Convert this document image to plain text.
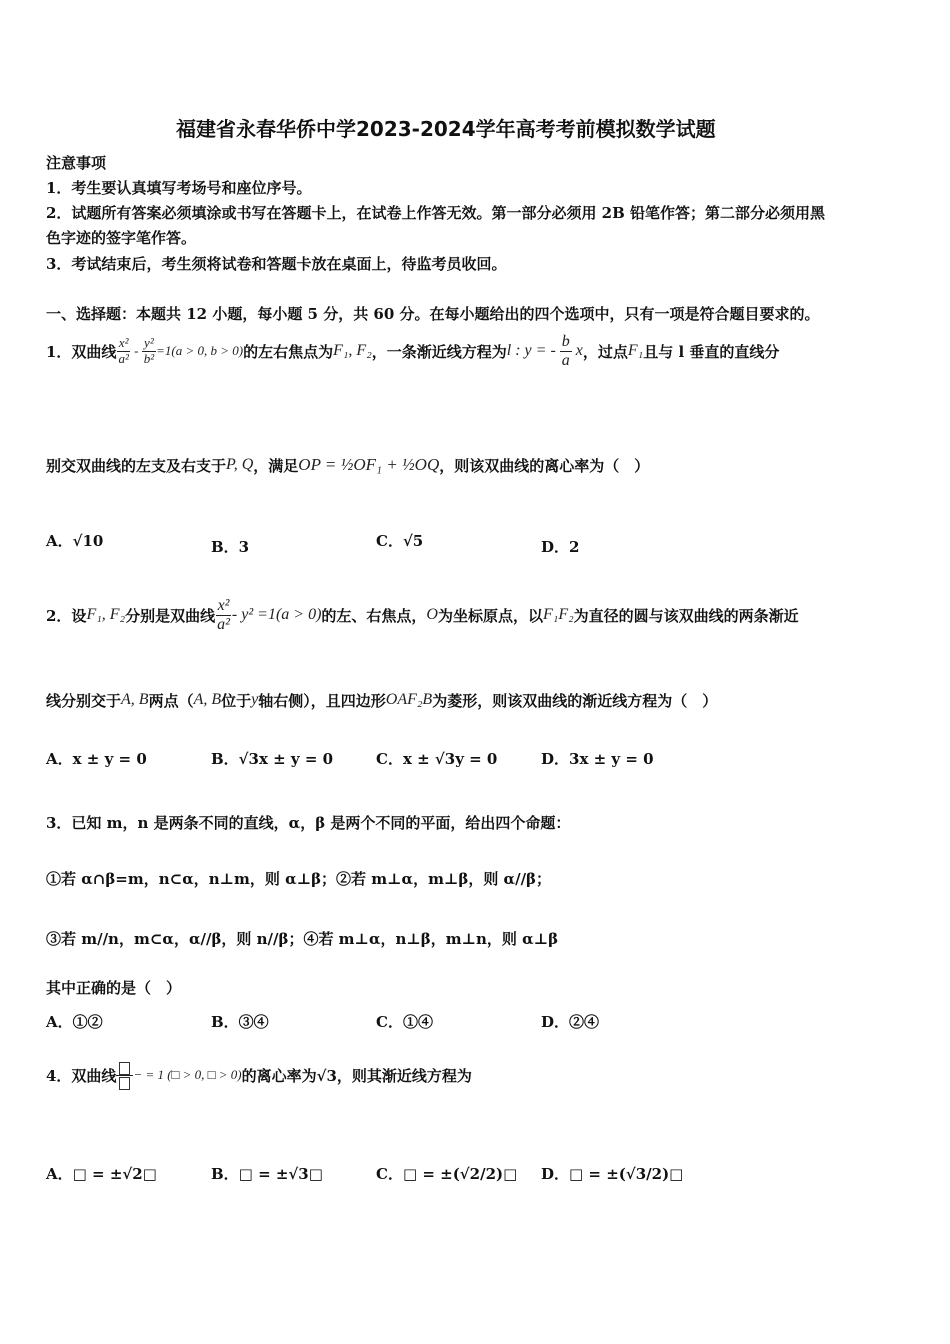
福建省永春华侨中学2023-2024学年高考考前模拟数学试题
注意事项
1．考生要认真填写考场号和座位序号。
2．试题所有答案必须填涂或书写在答题卡上，在试卷上作答无效。第一部分必须用 2B 铅笔作答；第二部分必须用黑
色字迹的签字笔作答。
3．考试结束后，考生须将试卷和答题卡放在桌面上，待监考员收回。
一、选择题：本题共 12 小题，每小题 5 分，共 60 分。在每小题给出的四个选项中，只有一项是符合题目要求的。
1．双曲线 $\frac{\text{x²}}{\text{a²}} - \frac{\text{y²}}{\text{b²}} =1(a > 0$, b > 0) 的左右焦点为 F₁, F₂ ，一条渐近线方程为 l : y = -
$\frac{b}{a}$ x ，过点 F₁ 且与 l 垂直的直线分
别交双曲线的左支及右支于 P, Q ，满足 OP = ½OF₁ + ½OQ ，则该双曲线的离心率为（　）
A．√10	B．3	C．√5	D．2
2．设 F₁, F₂ 分别是双曲线 $\frac{\text{x²}}{\text{a²}} - y^2 =1(a > 0)$ 的左、右焦点， O 为坐标原点，以 F₁F₂ 为直径的圆与该双曲线的两条渐近
线分别交于 A, B 两点（ A, B 位于 y 轴右侧），且四边形 OAF₂B 为菱形，则该双曲线的渐近线方程为（　）
A．x ± y = 0	B．√3x ± y = 0	C．x ± √3y = 0	D．3x ± y = 0
3．已知 m，n 是两条不同的直线，α，β 是两个不同的平面，给出四个命题：
①若 α∩β=m，n⊂α，n⊥m，则 α⊥β；②若 m⊥α，m⊥β，则 α//β；
③若 m//n，m⊂α，α//β，则 n//β；④若 m⊥α，n⊥β，m⊥n，则 α⊥β
其中正确的是（　）
A．①②	B．③④	C．①④	D．②④
4．双曲线 − = 1 (□ > 0, □ > 0) 的离心率为√3，则其渐近线方程为
A．□ = ±√2□	B．□ = ±√3□	C．□ = ±(√2/2)□ D．□ = ±(√3/2)□
